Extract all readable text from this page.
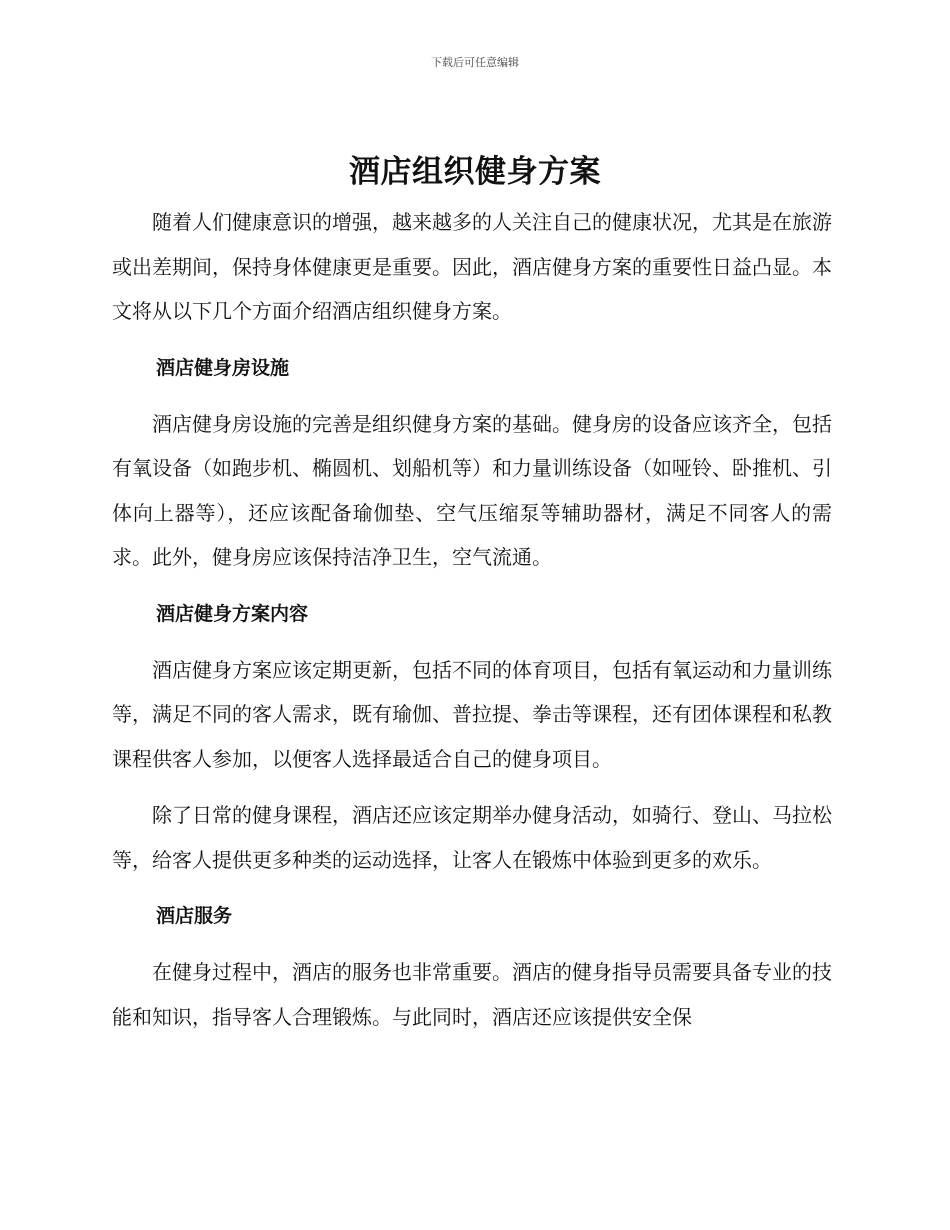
下载后可任意编辑
酒店组织健身方案

随着人们健康意识的增强，越来越多的人关注自己的健康状况，尤其是在旅游或出差期间，保持身体健康更是重要。因此，酒店健身方案的重要性日益凸显。本文将从以下几个方面介绍酒店组织健身方案。

酒店健身房设施

酒店健身房设施的完善是组织健身方案的基础。健身房的设备应该齐全，包括有氧设备（如跑步机、椭圆机、划船机等）和力量训练设备（如哑铃、卧推机、引体向上器等），还应该配备瑜伽垫、空气压缩泵等辅助器材，满足不同客人的需求。此外，健身房应该保持洁净卫生，空气流通。

酒店健身方案内容

酒店健身方案应该定期更新，包括不同的体育项目，包括有氧运动和力量训练等，满足不同的客人需求，既有瑜伽、普拉提、拳击等课程，还有团体课程和私教课程供客人参加，以便客人选择最适合自己的健身项目。

除了日常的健身课程，酒店还应该定期举办健身活动，如骑行、登山、马拉松等，给客人提供更多种类的运动选择，让客人在锻炼中体验到更多的欢乐。

酒店服务

在健身过程中，酒店的服务也非常重要。酒店的健身指导员需要具备专业的技能和知识，指导客人合理锻炼。与此同时，酒店还应该提供安全保
